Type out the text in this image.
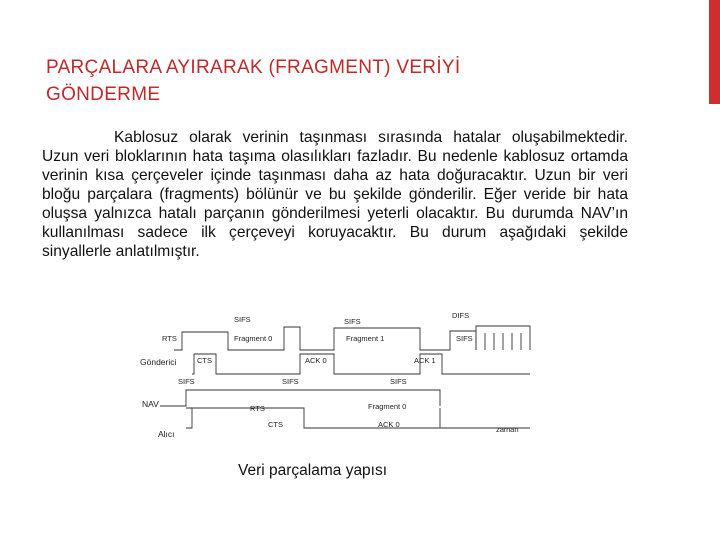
PARÇALARA AYIRARAK (FRAGMENT) VERİYİ
GÖNDERME

Kablosuz olarak verinin taşınması sırasında hatalar oluşabilmektedir. Uzun veri bloklarının hata taşıma olasılıkları fazladır. Bu nedenle kablosuz ortamda verinin kısa çerçeveler içinde taşınması daha az hata doğuracaktır. Uzun bir veri bloğu parçalara (fragments) bölünür ve bu şekilde gönderilir. Eğer veride bir hata oluşsa yalnızca hatalı parçanın gönderilmesi yeterli olacaktır. Bu durumda NAV’ın kullanılması sadece ilk çerçeveyi koruyacaktır. Bu durum aşağıdaki şekilde sinyallerle anlatılmıştır.

SIFS	SIFS
DIFS
SIFS
RTS	Fragment 0	Fragment 1
Gönderici	CTS	ACK 0	ACK 1
SIFS	SIFS	SIFS
NAV	RTS	Fragment 0
CTS	ACK 0
Alıcı	zaman
Veri parçalama yapısı
